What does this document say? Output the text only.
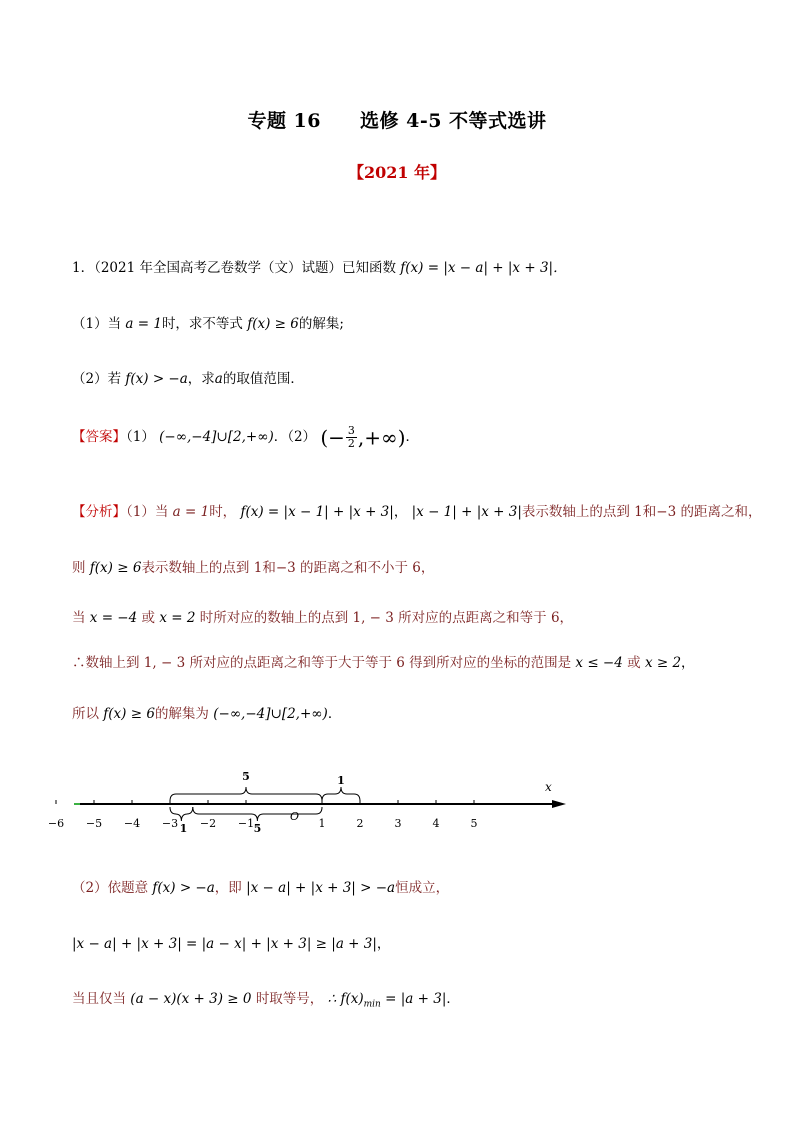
专题 16　　选修 4-5 不等式选讲
【2021 年】
1．（2021 年全国高考乙卷数学（文）试题）已知函数 f(x) = |x − a| + |x + 3|．
（1）当 a = 1时，求不等式 f(x) ≥ 6的解集;
（2）若 f(x) > −a，求a的取值范围．
【答案】（1） (−∞,−4]∪[2,+∞)．（2） (− $\frac{3}{2}$ ,+∞)．
【分析】（1）当 a = 1时， f(x) = |x − 1| + |x + 3|， |x − 1| + |x + 3|表示数轴上的点到 1和−3 的距离之和，
则 f(x) ≥ 6表示数轴上的点到 1和−3 的距离之和不小于 6，
当 x = −4 或 x = 2 时所对应的数轴上的点到 1, − 3 所对应的点距离之和等于 6，
∴数轴上到 1, − 3 所对应的点距离之和等于大于等于 6 得到所对应的坐标的范围是 x ≤ −4 或 x ≥ 2，
所以 f(x) ≥ 6的解集为 (−∞,−4]∪[2,+∞)．
x
−6 −5 −4 −3 −2 −1	1	2	3	4	5
O
5	1
1	5
（2）依题意 f(x) > −a，即 |x − a| + |x + 3| > −a恒成立，
|x − a| + |x + 3| = |a − x| + |x + 3| ≥ |a + 3|，
当且仅当 (a − x)(x + 3) ≥ 0 时取等号， ∴ $f(x)_{min} = |a + 3|$．
